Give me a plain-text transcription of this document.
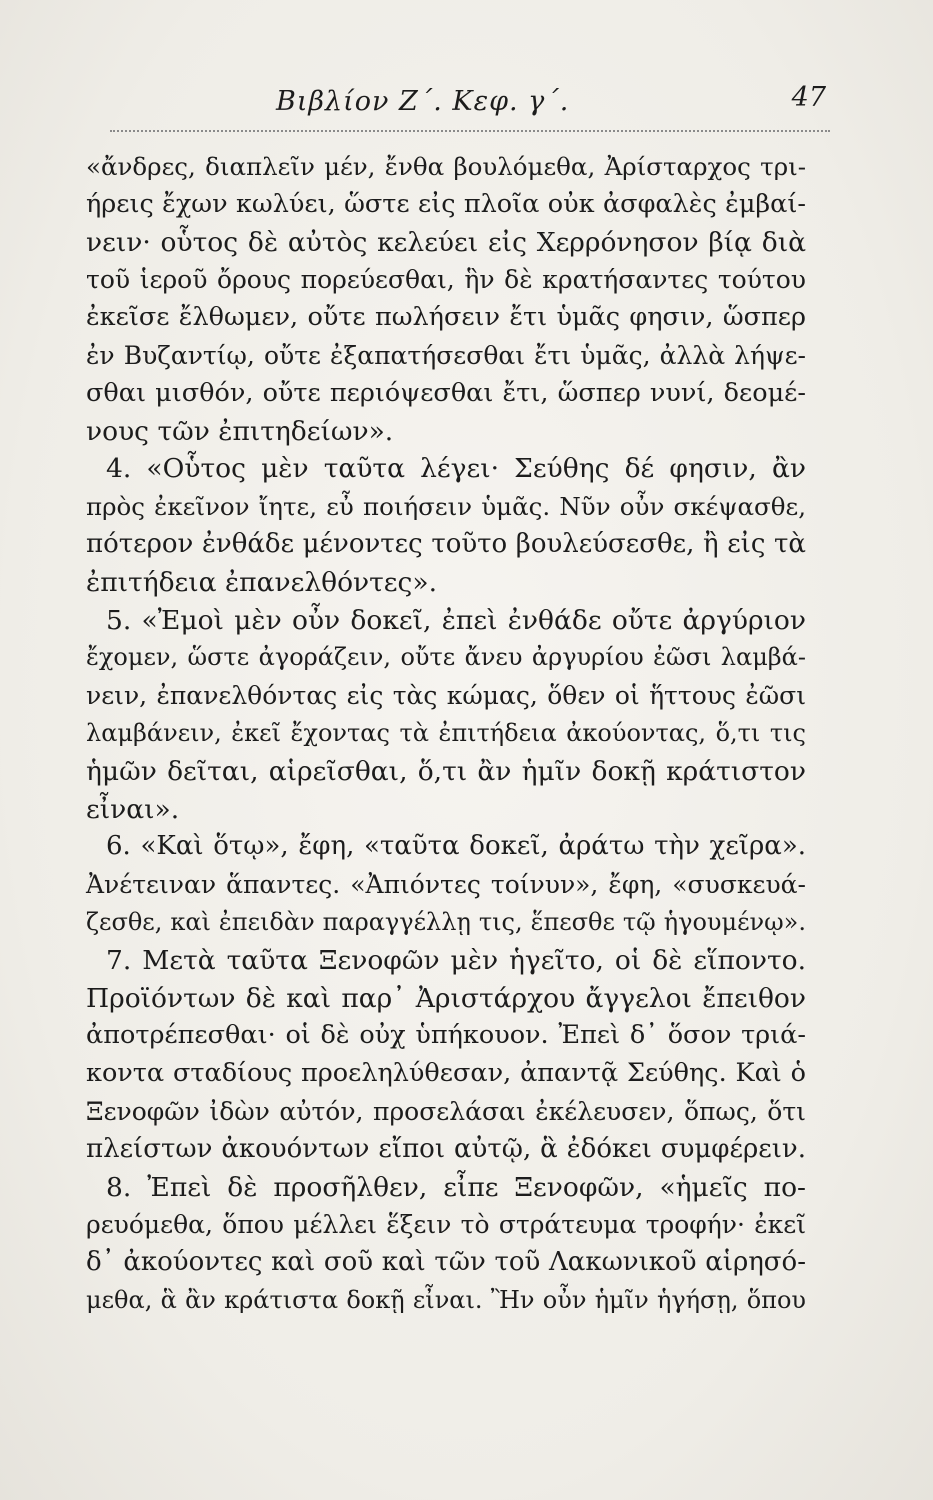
Βιβλίον Ζ΄. Κεφ. γ΄.	47
«ἄνδρες, διαπλεῖν μέν, ἔνθα βουλόμεθα, Ἀρίσταρχος τρι-
ήρεις ἔχων κωλύει, ὥστε εἰς πλοῖα οὐκ ἀσφαλὲς ἐμβαί-
νειν· οὗτος δὲ αὐτὸς κελεύει εἰς Χερρόνησον βίᾳ διὰ
τοῦ ἱεροῦ ὄρους πορεύεσθαι, ἣν δὲ κρατήσαντες τούτου
ἐκεῖσε ἔλθωμεν, οὔτε πωλήσειν ἔτι ὑμᾶς φησιν, ὥσπερ
ἐν Βυζαντίῳ, οὔτε ἐξαπατήσεσθαι ἔτι ὑμᾶς, ἀλλὰ λήψε-
σθαι μισθόν, οὔτε περιόψεσθαι ἔτι, ὥσπερ νυνί, δεομέ-
νους τῶν ἐπιτηδείων».
4. «Οὗτος μὲν ταῦτα λέγει· Σεύθης δέ φησιν, ἂν
πρὸς ἐκεῖνον ἴητε, εὖ ποιήσειν ὑμᾶς. Νῦν οὖν σκέψασθε,
πότερον ἐνθάδε μένοντες τοῦτο βουλεύσεσθε, ἢ εἰς τὰ
ἐπιτήδεια ἐπανελθόντες».
5. «Ἐμοὶ μὲν οὖν δοκεῖ, ἐπεὶ ἐνθάδε οὔτε ἀργύριον
ἔχομεν, ὥστε ἀγοράζειν, οὔτε ἄνευ ἀργυρίου ἐῶσι λαμβά-
νειν, ἐπανελθόντας εἰς τὰς κώμας, ὅθεν οἱ ἥττους ἐῶσι
λαμβάνειν, ἐκεῖ ἔχοντας τὰ ἐπιτήδεια ἀκούοντας, ὅ,τι τις
ἡμῶν δεῖται, αἱρεῖσθαι, ὅ,τι ἂν ἡμῖν δοκῇ κράτιστον
εἶναι».
6. «Καὶ ὅτῳ», ἔφη, «ταῦτα δοκεῖ, ἀράτω τὴν χεῖρα».
Ἀνέτειναν ἅπαντες. «Ἀπιόντες τοίνυν», ἔφη, «συσκευά-
ζεσθε, καὶ ἐπειδὰν παραγγέλλῃ τις, ἕπεσθε τῷ ἡγουμένῳ».
7. Μετὰ ταῦτα Ξενοφῶν μὲν ἡγεῖτο, οἱ δὲ εἵποντο.
Προϊόντων δὲ καὶ παρ᾽ Ἀριστάρχου ἄγγελοι ἔπειθον
ἀποτρέπεσθαι· οἱ δὲ οὐχ ὑπήκουον. Ἐπεὶ δ᾽ ὅσον τριά-
κοντα σταδίους προεληλύθεσαν, ἀπαντᾷ Σεύθης. Καὶ ὁ
Ξενοφῶν ἰδὼν αὐτόν, προσελάσαι ἐκέλευσεν, ὅπως, ὅτι
πλείστων ἀκουόντων εἴποι αὐτῷ, ἃ ἐδόκει συμφέρειν.
8. Ἐπεὶ δὲ προσῆλθεν, εἶπε Ξενοφῶν, «ἡμεῖς πο-
ρευόμεθα, ὅπου μέλλει ἕξειν τὸ στράτευμα τροφήν· ἐκεῖ
δ᾽ ἀκούοντες καὶ σοῦ καὶ τῶν τοῦ Λακωνικοῦ αἱρησό-
μεθα, ἃ ἂν κράτιστα δοκῇ εἶναι. Ἢν οὖν ἡμῖν ἡγήσῃ, ὅπου
